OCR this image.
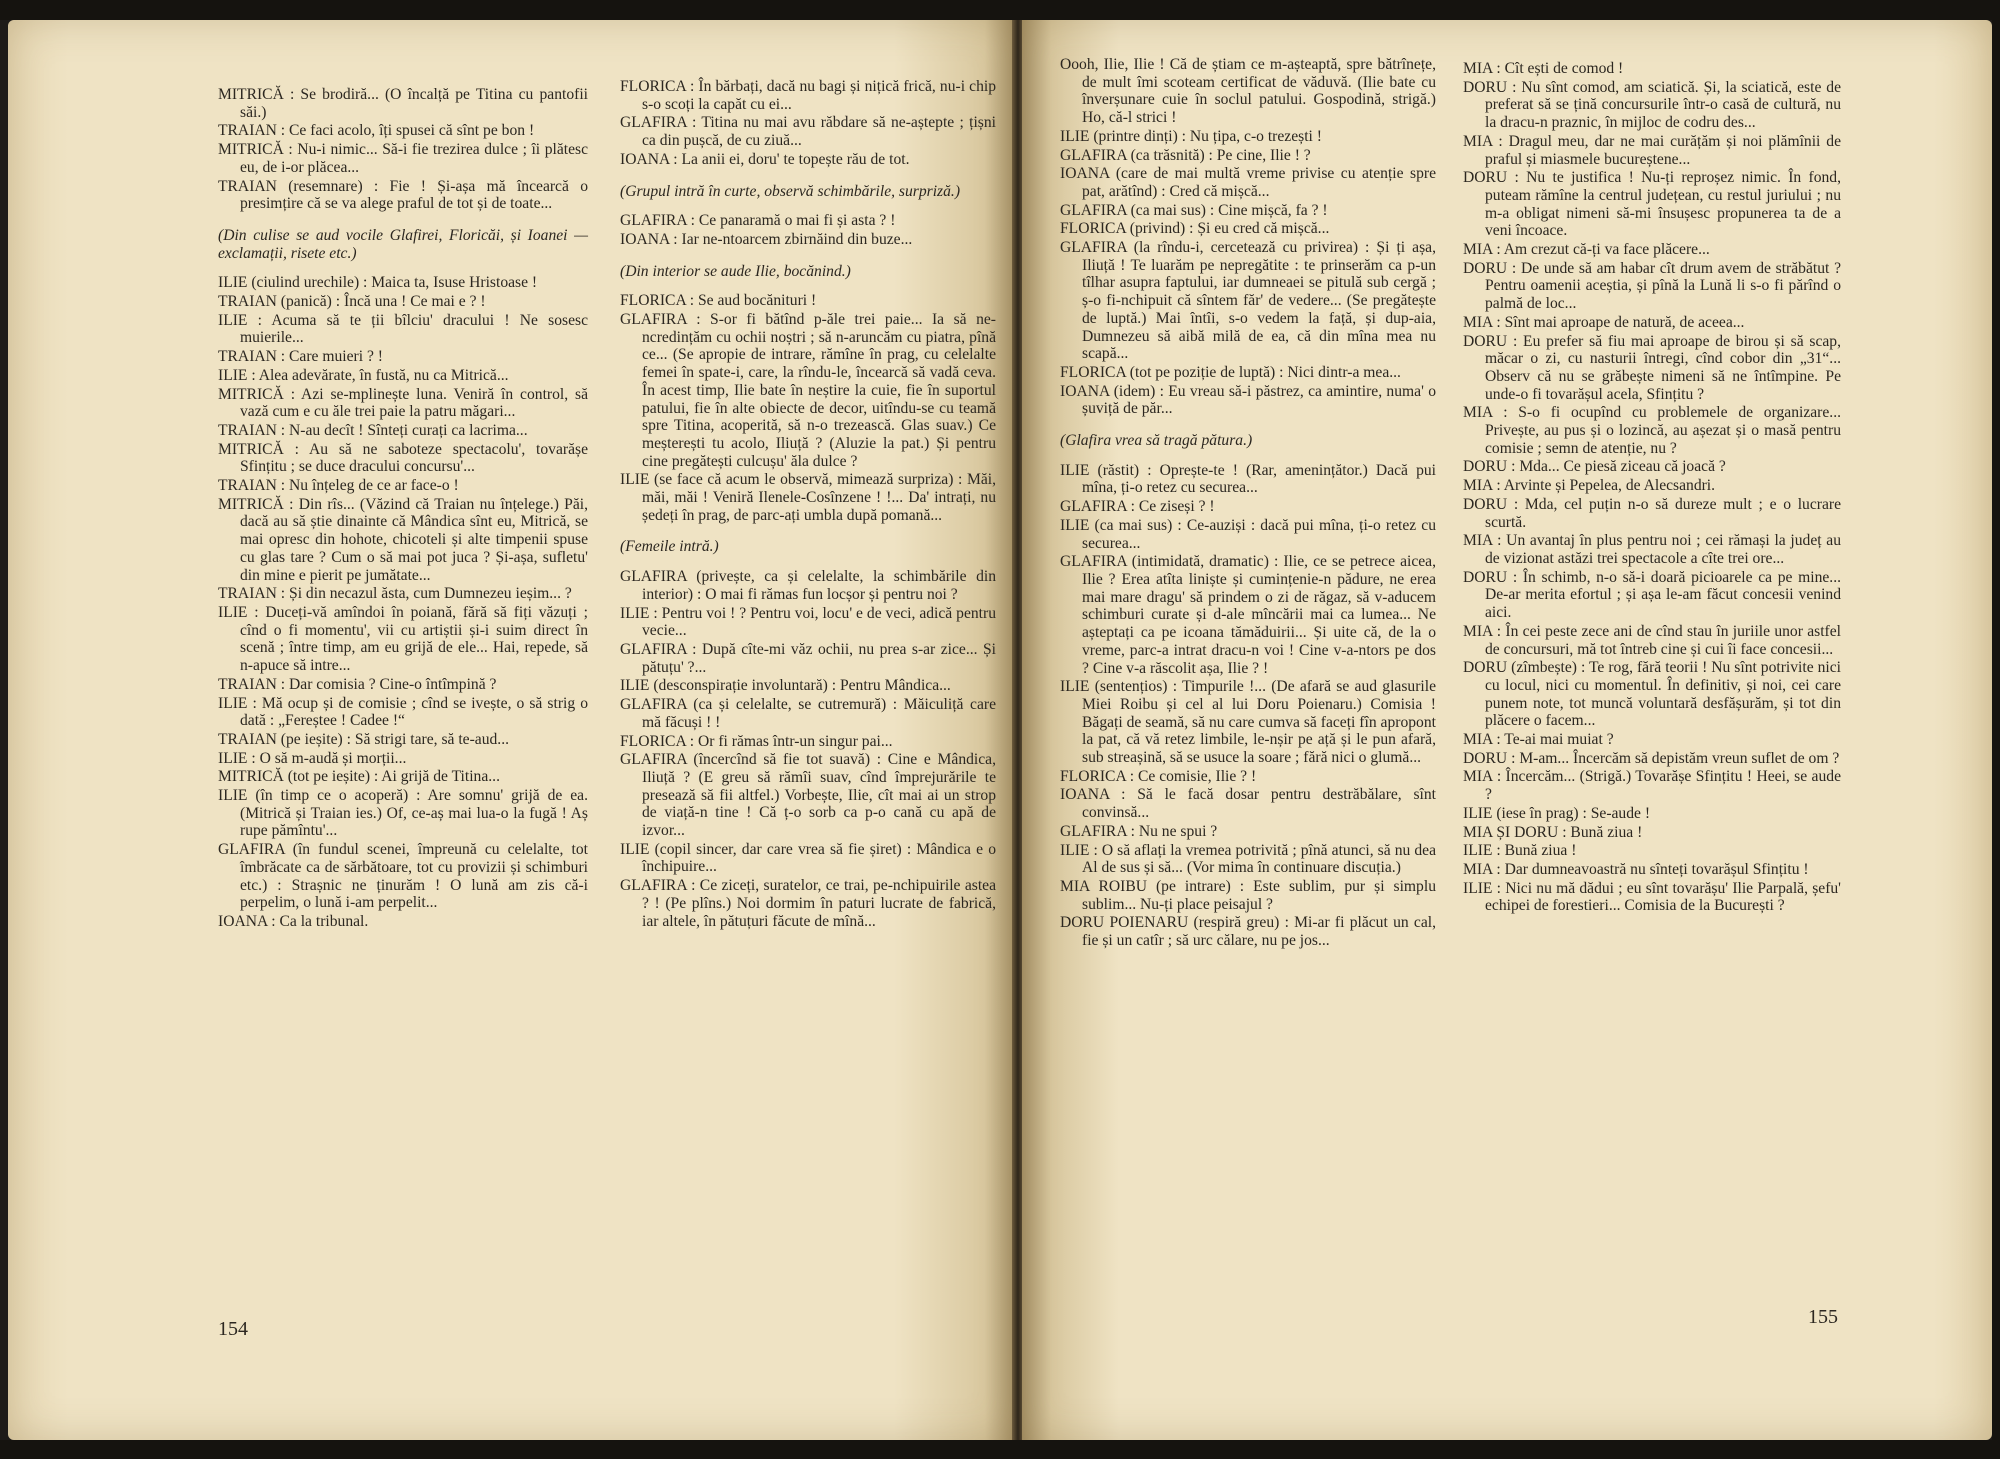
MITRICĂ : Se brodiră... (O încalță pe Titina cu pantofii săi.)

TRAIAN : Ce faci acolo, îți spusei că sînt pe bon !

MITRICĂ : Nu-i nimic... Să-i fie trezirea dulce ; îi plătesc eu, de i-or plăcea...

TRAIAN (resemnare) : Fie ! Și-așa mă încearcă o presimțire că se va alege praful de tot și de toate...

(Din culise se aud vocile Glafirei, Floricăi, și Ioanei — exclamații, risete etc.)

ILIE (ciulind urechile) : Maica ta, Isuse Hristoase !

TRAIAN (panică) : Încă una ! Ce mai e ? !

ILIE : Acuma să te ții bîlciu' dracului ! Ne sosesc muierile...

TRAIAN : Care muieri ? !

ILIE : Alea adevărate, în fustă, nu ca Mitrică...

MITRICĂ : Azi se-mplinește luna. Veniră în control, să vază cum e cu ăle trei paie la patru măgari...

TRAIAN : N-au decît ! Sînteți curați ca lacrima...

MITRICĂ : Au să ne saboteze spectacolu', tovarășe Sfințitu ; se duce dracului concursu'...

TRAIAN : Nu înțeleg de ce ar face-o !

MITRICĂ : Din rîs... (Văzind că Traian nu înțelege.) Păi, dacă au să știe dinainte că Mândica sînt eu, Mitrică, se mai opresc din hohote, chicoteli și alte timpenii spuse cu glas tare ? Cum o să mai pot juca ? Și-așa, sufletu' din mine e pierit pe jumătate...

TRAIAN : Și din necazul ăsta, cum Dumnezeu ieșim... ?

ILIE : Duceți-vă amîndoi în poiană, fără să fiți văzuți ; cînd o fi momentu', vii cu artiștii și-i suim direct în scenă ; între timp, am eu grijă de ele... Hai, repede, să n-apuce să intre...

TRAIAN : Dar comisia ? Cine-o întîmpină ?

ILIE : Mă ocup și de comisie ; cînd se ivește, o să strig o dată : „Fereștee ! Cadee !“

TRAIAN (pe ieșite) : Să strigi tare, să te-aud...

ILIE : O să m-audă și morții...

MITRICĂ (tot pe ieșite) : Ai grijă de Titina...

ILIE (în timp ce o acoperă) : Are somnu' grijă de ea. (Mitrică și Traian ies.) Of, ce-aș mai lua-o la fugă ! Aș rupe pămîntu'...

GLAFIRA (în fundul scenei, împreună cu celelalte, tot îmbrăcate ca de sărbătoare, tot cu provizii și schimburi etc.) : Strașnic ne ținurăm ! O lună am zis că-i perpelim, o lună i-am perpelit...

IOANA : Ca la tribunal.

FLORICA : În bărbați, dacă nu bagi și nițică frică, nu-i chip s-o scoți la capăt cu ei...

GLAFIRA : Titina nu mai avu răbdare să ne-aștepte ; țișni ca din pușcă, de cu ziuă...

IOANA : La anii ei, doru' te topește rău de tot.

(Grupul intră în curte, observă schimbările, surpriză.)

GLAFIRA : Ce panaramă o mai fi și asta ? !

IOANA : Iar ne-ntoarcem zbirnăind din buze...

(Din interior se aude Ilie, bocănind.)

FLORICA : Se aud bocănituri !

GLAFIRA : S-or fi bătînd p-ăle trei paie... Ia să ne-ncredințăm cu ochii noștri ; să n-aruncăm cu piatra, pînă ce... (Se apropie de intrare, rămîne în prag, cu celelalte femei în spate-i, care, la rîndu-le, încearcă să vadă ceva. În acest timp, Ilie bate în neștire la cuie, fie în suportul patului, fie în alte obiecte de decor, uitîndu-se cu teamă spre Titina, acoperită, să n-o trezească. Glas suav.) Ce meșterești tu acolo, Iliuță ? (Aluzie la pat.) Și pentru cine pregătești culcușu' ăla dulce ?

ILIE (se face că acum le observă, mimează surpriza) : Măi, măi, măi ! Veniră Ilenele-Cosînzene ! !... Da' intrați, nu ședeți în prag, de parc-ați umbla după pomană...

(Femeile intră.)

GLAFIRA (privește, ca și celelalte, la schimbările din interior) : O mai fi rămas fun locșor și pentru noi ?

ILIE : Pentru voi ! ? Pentru voi, locu' e de veci, adică pentru vecie...

GLAFIRA : După cîte-mi văz ochii, nu prea s-ar zice... Și pătuțu' ?...

ILIE (desconspirație involuntară) : Pentru Mândica...

GLAFIRA (ca și celelalte, se cutremură) : Măiculiță care mă făcuși ! !

FLORICA : Or fi rămas într-un singur pai...

GLAFIRA (încercînd să fie tot suavă) : Cine e Mândica, Iliuță ? (E greu să rămîi suav, cînd împrejurările te presează să fii altfel.) Vorbește, Ilie, cît mai ai un strop de viață-n tine ! Că ț-o sorb ca p-o cană cu apă de izvor...

ILIE (copil sincer, dar care vrea să fie șiret) : Mândica e o închipuire...

GLAFIRA : Ce ziceți, suratelor, ce trai, pe-nchipuirile astea ? ! (Pe plîns.) Noi dormim în paturi lucrate de fabrică, iar altele, în pătuțuri făcute de mînă...

Oooh, Ilie, Ilie ! Că de știam ce m-așteaptă, spre bătrînețe, de mult îmi scoteam certificat de văduvă. (Ilie bate cu înverșunare cuie în soclul patului. Gospodină, strigă.) Ho, că-l strici !

ILIE (printre dinți) : Nu țipa, c-o trezești !

GLAFIRA (ca trăsnită) : Pe cine, Ilie ! ?

IOANA (care de mai multă vreme privise cu atenție spre pat, arătînd) : Cred că mișcă...

GLAFIRA (ca mai sus) : Cine mișcă, fa ? !

FLORICA (privind) : Și eu cred că mișcă...

GLAFIRA (la rîndu-i, cercetează cu privirea) : Și ți așa, Iliuță ! Te luarăm pe nepregătite : te prinserăm ca p-un tîlhar asupra faptului, iar dumneaei se pitulă sub cergă ; ș-o fi-nchipuit că sîntem făr' de vedere... (Se pregătește de luptă.) Mai întîi, s-o vedem la față, și dup-aia, Dumnezeu să aibă milă de ea, că din mîna mea nu scapă...

FLORICA (tot pe poziție de luptă) : Nici dintr-a mea...

IOANA (idem) : Eu vreau să-i păstrez, ca amintire, numa' o șuviță de păr...

(Glafira vrea să tragă pătura.)

ILIE (răstit) : Oprește-te ! (Rar, amenințător.) Dacă pui mîna, ți-o retez cu securea...

GLAFIRA : Ce ziseși ? !

ILIE (ca mai sus) : Ce-auziși : dacă pui mîna, ți-o retez cu securea...

GLAFIRA (intimidată, dramatic) : Ilie, ce se petrece aicea, Ilie ? Erea atîta liniște și cumințenie-n pădure, ne erea mai mare dragu' să prindem o zi de răgaz, să v-aducem schimburi curate și d-ale mîncării mai ca lumea... Ne așteptați ca pe icoana tămăduirii... Și uite că, de la o vreme, parc-a intrat dracu-n voi ! Cine v-a-ntors pe dos ? Cine v-a răscolit așa, Ilie ? !

ILIE (sentențios) : Timpurile !... (De afară se aud glasurile Miei Roibu și cel al lui Doru Poienaru.) Comisia ! Băgați de seamă, să nu care cumva să faceți fîn apropont la pat, că vă retez limbile, le-nșir pe ață și le pun afară, sub streașină, să se usuce la soare ; fără nici o glumă...

FLORICA : Ce comisie, Ilie ? !

IOANA : Să le facă dosar pentru destrăbălare, sînt convinsă...

GLAFIRA : Nu ne spui ?

ILIE : O să aflați la vremea potrivită ; pînă atunci, să nu dea Al de sus și să... (Vor mima în continuare discuția.)

MIA ROIBU (pe intrare) : Este sublim, pur și simplu sublim... Nu-ți place peisajul ?

DORU POIENARU (respiră greu) : Mi-ar fi plăcut un cal, fie și un catîr ; să urc călare, nu pe jos...

MIA : Cît ești de comod !

DORU : Nu sînt comod, am sciatică. Și, la sciatică, este de preferat să se țină concursurile într-o casă de cultură, nu la dracu-n praznic, în mijloc de codru des...

MIA : Dragul meu, dar ne mai curățăm și noi plămînii de praful și miasmele bucureștene...

DORU : Nu te justifica ! Nu-ți reproșez nimic. În fond, puteam rămîne la centrul județean, cu restul juriului ; nu m-a obligat nimeni să-mi însușesc propunerea ta de a veni încoace.

MIA : Am crezut că-ți va face plăcere...

DORU : De unde să am habar cît drum avem de străbătut ? Pentru oamenii aceștia, și pînă la Lună li s-o fi părînd o palmă de loc...

MIA : Sînt mai aproape de natură, de aceea...

DORU : Eu prefer să fiu mai aproape de birou și să scap, măcar o zi, cu nasturii întregi, cînd cobor din „31“... Observ că nu se grăbește nimeni să ne întîmpine. Pe unde-o fi tovarășul acela, Sfințitu ?

MIA : S-o fi ocupînd cu problemele de organizare... Privește, au pus și o lozincă, au așezat și o masă pentru comisie ; semn de atenție, nu ?

DORU : Mda... Ce piesă ziceau că joacă ?

MIA : Arvinte și Pepelea, de Alecsandri.

DORU : Mda, cel puțin n-o să dureze mult ; e o lucrare scurtă.

MIA : Un avantaj în plus pentru noi ; cei rămași la județ au de vizionat astăzi trei spectacole a cîte trei ore...

DORU : În schimb, n-o să-i doară picioarele ca pe mine... De-ar merita efortul ; și așa le-am făcut concesii venind aici.

MIA : În cei peste zece ani de cînd stau în juriile unor astfel de concursuri, mă tot întreb cine și cui îi face concesii...

DORU (zîmbește) : Te rog, fără teorii ! Nu sînt potrivite nici cu locul, nici cu momentul. În definitiv, și noi, cei care punem note, tot muncă voluntară desfășurăm, și tot din plăcere o facem...

MIA : Te-ai mai muiat ?

DORU : M-am... Încercăm să depistăm vreun suflet de om ?

MIA : Încercăm... (Strigă.) Tovarășe Sfințitu ! Heei, se aude ?

ILIE (iese în prag) : Se-aude !

MIA ȘI DORU : Bună ziua !

ILIE : Bună ziua !

MIA : Dar dumneavoastră nu sînteți tovarășul Sfințitu !

ILIE : Nici nu mă dădui ; eu sînt tovarășu' Ilie Parpală, șefu' echipei de forestieri... Comisia de la București ?

154
155
